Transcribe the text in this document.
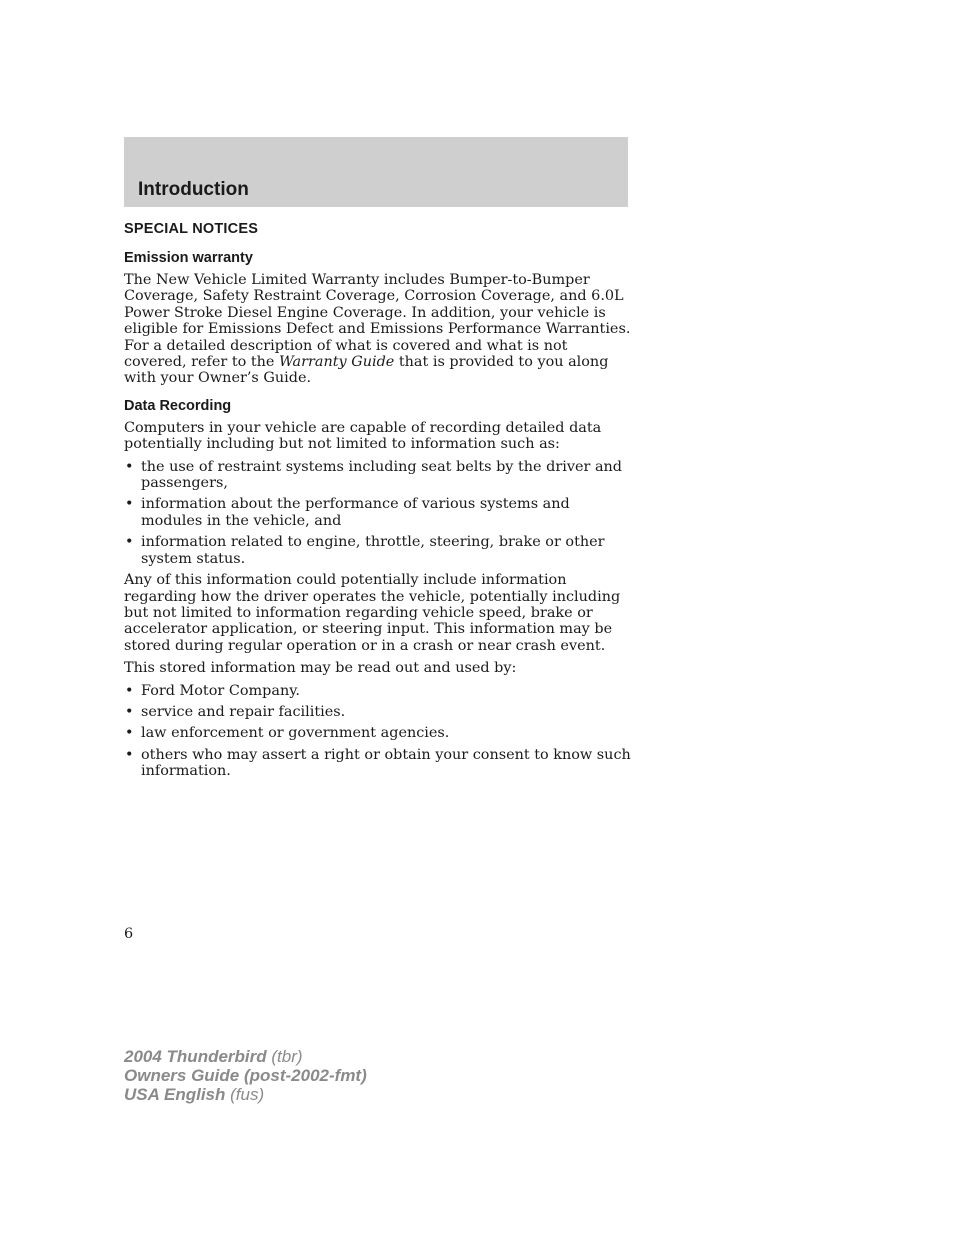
Introduction
SPECIAL NOTICES
Emission warranty

The New Vehicle Limited Warranty includes Bumper-to-Bumper Coverage, Safety Restraint Coverage, Corrosion Coverage, and 6.0L Power Stroke Diesel Engine Coverage. In addition, your vehicle is eligible for Emissions Defect and Emissions Performance Warranties. For a detailed description of what is covered and what is not covered, refer to the Warranty Guide that is provided to you along with your Owner’s Guide.

Data Recording

Computers in your vehicle are capable of recording detailed data potentially including but not limited to information such as:

• the use of restraint systems including seat belts by the driver and passengers,
• information about the performance of various systems and modules in the vehicle, and
• information related to engine, throttle, steering, brake or other system status.

Any of this information could potentially include information regarding how the driver operates the vehicle, potentially including but not limited to information regarding vehicle speed, brake or accelerator application, or steering input. This information may be stored during regular operation or in a crash or near crash event.

This stored information may be read out and used by:

• Ford Motor Company.
• service and repair facilities.
• law enforcement or government agencies.
• others who may assert a right or obtain your consent to know such information.
6
2004 Thunderbird (tbr)
Owners Guide (post-2002-fmt)
USA English (fus)
